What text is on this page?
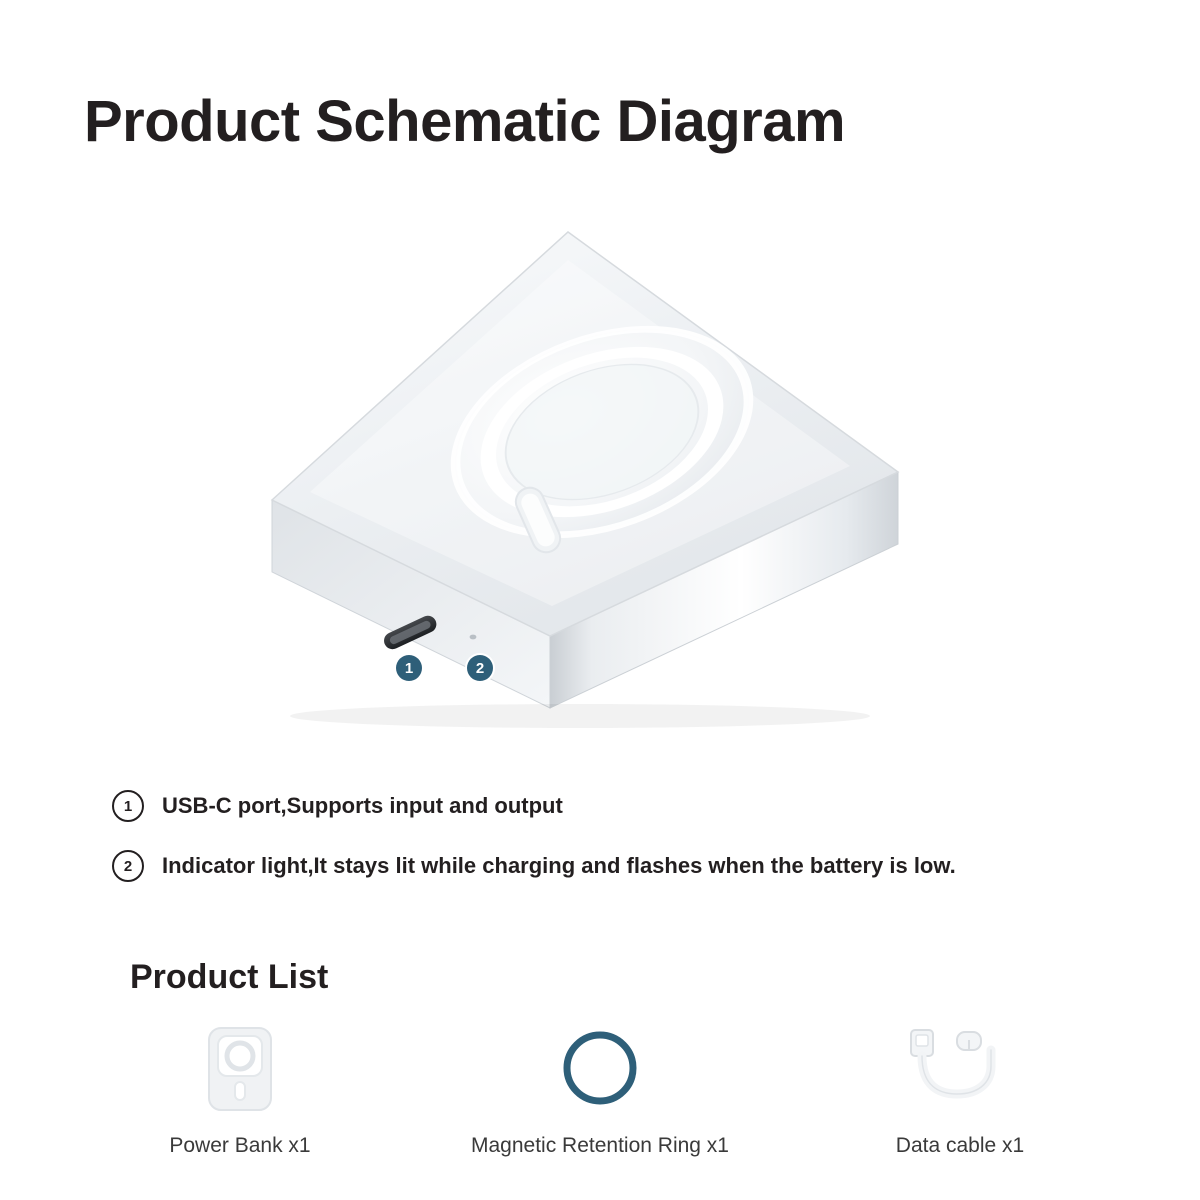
Product Schematic Diagram
1	2
1	USB-C port,Supports input and output
2	Indicator light,It stays lit while charging and flashes when the battery is low.
Product List
Power Bank x1	Magnetic Retention Ring x1	Data cable x1
